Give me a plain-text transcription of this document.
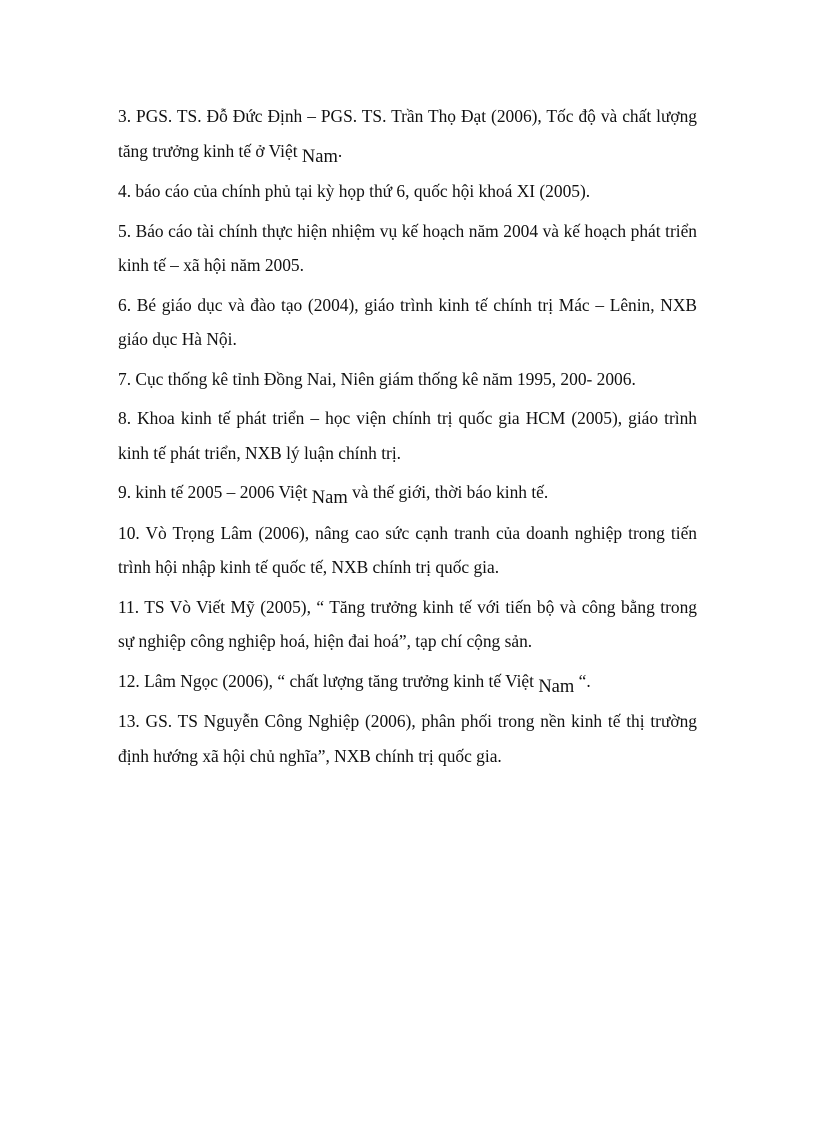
3. PGS. TS. Đỗ Đức Định – PGS. TS. Trần Thọ Đạt (2006), Tốc độ và chất lượng tăng trưởng kinh tế ở Việt Nam.

4. báo cáo của chính phủ tại kỳ họp thứ 6, quốc hội khoá XI (2005).

5. Báo cáo tài chính thực hiện nhiệm vụ kế hoạch năm 2004 và kế hoạch phát triển kinh tế – xã hội năm 2005.

6. Bé giáo dục và đào tạo (2004), giáo trình kinh tế chính trị Mác – Lênin, NXB giáo dục Hà Nội.

7. Cục thống kê tỉnh Đồng Nai, Niên giám thống kê năm 1995, 200- 2006.

8. Khoa kinh tế phát triển – học viện chính trị quốc gia HCM (2005), giáo trình kinh tế phát triển, NXB lý luận chính trị.

9. kinh tế 2005 – 2006 Việt Nam và thế giới, thời báo kinh tế.

10. Vò Trọng Lâm (2006), nâng cao sức cạnh tranh của doanh nghiệp trong tiến trình hội nhập kinh tế quốc tế, NXB chính trị quốc gia.

11. TS Vò Viết Mỹ (2005), “ Tăng trưởng kinh tế với tiến bộ và công bằng trong sự nghiệp công nghiệp hoá, hiện đai hoá”, tạp chí cộng sản.

12. Lâm Ngọc (2006), “ chất lượng tăng trưởng kinh tế Việt Nam “.

13. GS. TS Nguyễn Công Nghiệp (2006), phân phối trong nền kinh tế thị trường định hướng xã hội chủ nghĩa”, NXB chính trị quốc gia.
